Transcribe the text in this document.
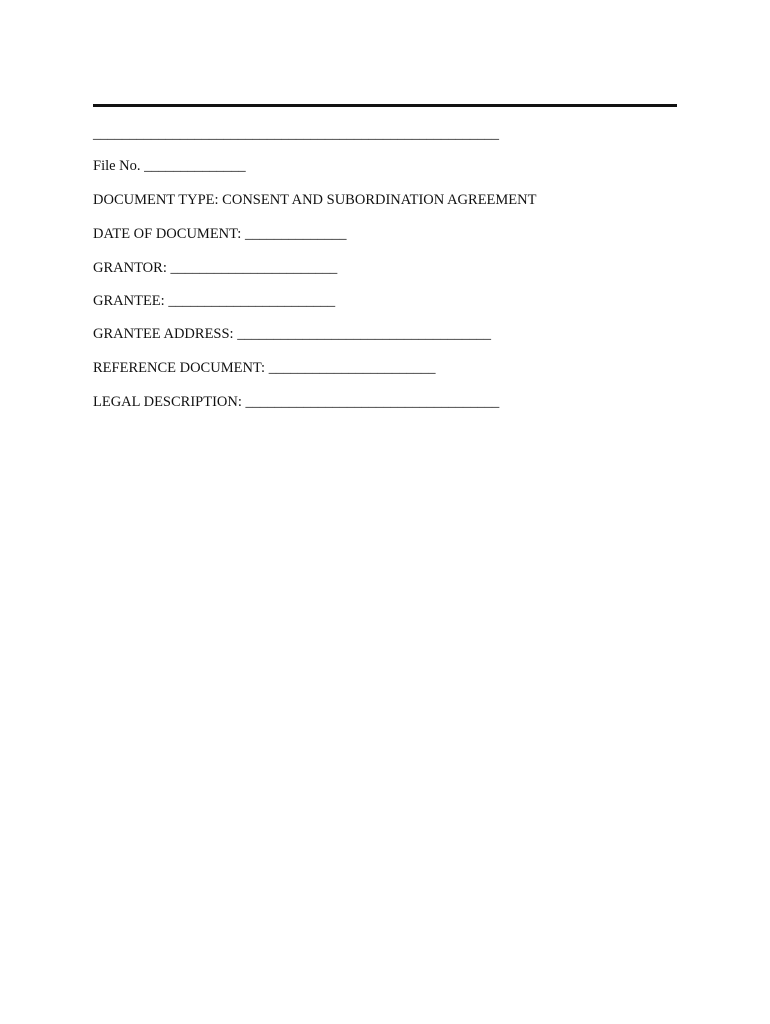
________________________________________________________
File No. ______________
DOCUMENT TYPE: CONSENT AND SUBORDINATION AGREEMENT
DATE OF DOCUMENT: ______________
GRANTOR: _______________________
GRANTEE: _______________________
GRANTEE ADDRESS: ___________________________________
REFERENCE DOCUMENT: _______________________
LEGAL DESCRIPTION: ___________________________________
